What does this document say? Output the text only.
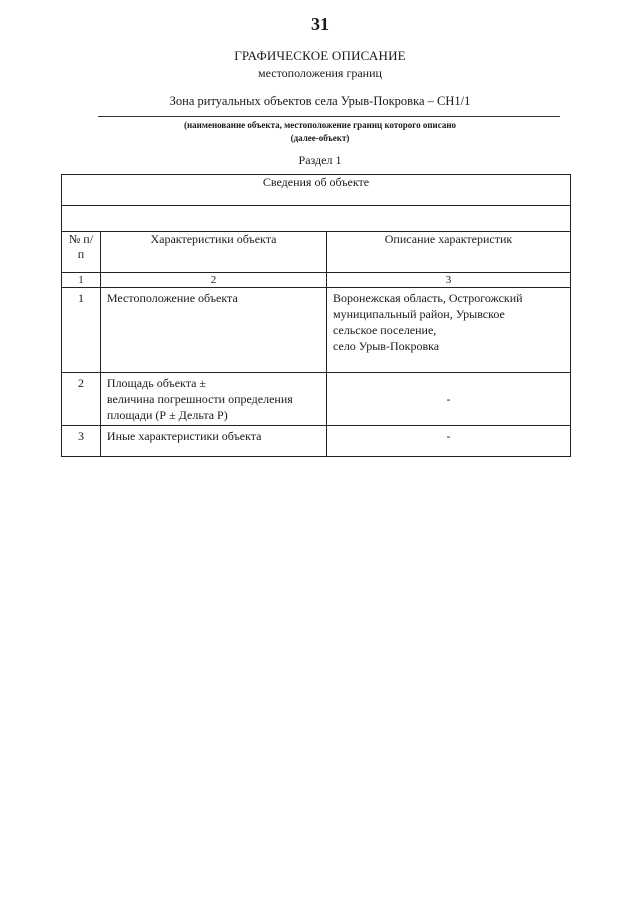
31
ГРАФИЧЕСКОЕ ОПИСАНИЕ
местоположения границ
Зона ритуальных объектов села Урыв-Покровка – СН1/1
(наименование объекта, местоположение границ которого описано
(далее-объект)
Раздел 1
Сведения об объекте		

№ п/п	Характеристики объекта	Описание характеристик
1	2	3

1	Местоположение объекта	Воронежская область, Острогожский
муниципальный район, Урывское
сельское поселение,
село Урыв-Покровка

2	Площадь объекта ±
величина погрешности определения
площади (Р ± Дельта Р)	-

3	Иные характеристики объекта	-
